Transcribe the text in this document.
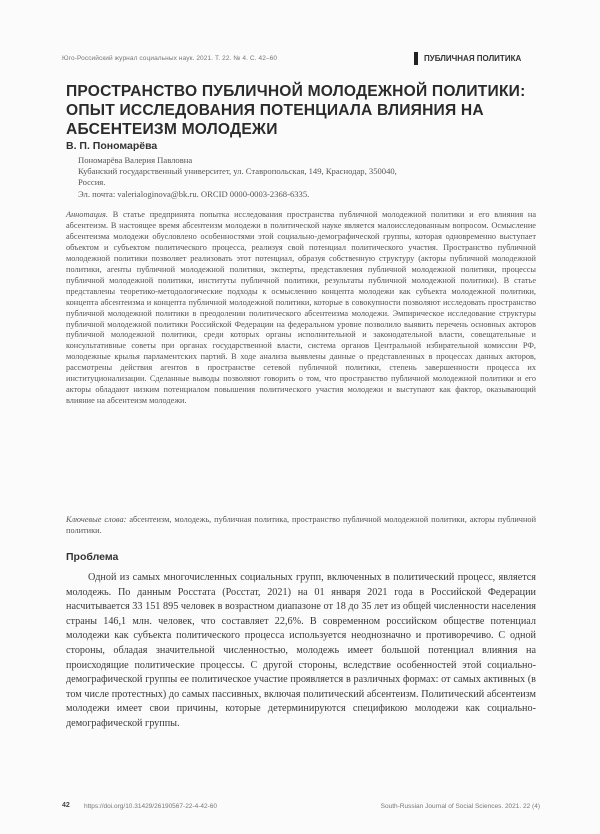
Юго-Российский журнал социальных наук. 2021. Т. 22. № 4. С. 42–60	ПУБЛИЧНАЯ ПОЛИТИКА
ПРОСТРАНСТВО ПУБЛИЧНОЙ МОЛОДЕЖНОЙ ПОЛИТИКИ: ОПЫТ ИССЛЕДОВАНИЯ ПОТЕНЦИАЛА ВЛИЯНИЯ НА АБСЕНТЕИЗМ МОЛОДЕЖИ
В. П. Пономарёва
Пономарёва Валерия Павловна
Кубанский государственный университет, ул. Ставропольская, 149, Краснодар, 350040,
Россия.
Эл. почта: valerialoginova@bk.ru. ORCID 0000-0003-2368-6335.

Аннотация. В статье предпринята попытка исследования пространства публичной молодежной политики и его влияния на абсентеизм. В настоящее время абсентеизм молодежи в политической науке является малоисследованным вопросом. Осмысление абсентеизма молодежи обусловлено особенностями этой социально-демографической группы, которая одновременно выступает объектом и субъектом политического процесса, реализуя свой потенциал политического участия. Пространство публичной молодежной политики позволяет реализовать этот потенциал, образуя собственную структуру (акторы публичной молодежной политики, агенты публичной молодежной политики, эксперты, представления публичной молодежной политики, процессы публичной молодежной политики, институты публичной политики, результаты публичной молодежной политики). В статье представлены теоретико-методологические подходы к осмыслению концепта молодежи как субъекта молодежной политики, концепта абсентеизма и концепта публичной молодежной политики, которые в совокупности позволяют исследовать пространство публичной молодежной политики в преодолении политического абсентеизма молодежи. Эмпирическое исследование структуры публичной молодежной политики Российской Федерации на федеральном уровне позволило выявить перечень основных акторов публичной молодежной политики, среди которых органы исполнительной и законодательной власти, совещательные и консультативные советы при органах государственной власти, система органов Центральной избирательной комиссии РФ, молодежные крылья парламентских партий. В ходе анализа выявлены данные о представленных в процессах данных акторов, рассмотрены действия агентов в пространстве сетевой публичной политики, степень завершенности процесса их институционализации. Сделанные выводы позволяют говорить о том, что пространство публичной молодежной политики и его акторы обладают низким потенциалом повышения политического участия молодежи и выступают как фактор, оказывающий влияние на абсентеизм молодежи.

Ключевые слова: абсентеизм, молодежь, публичная политика, пространство публичной молодежной политики, акторы публичной политики.

Проблема

Одной из самых многочисленных социальных групп, включенных в политический процесс, является молодежь. По данным Росстата (Росстат, 2021) на 01 января 2021 года в Российской Федерации насчитывается 33 151 895 человек в возрастном диапазоне от 18 до 35 лет из общей численности населения страны 146,1 млн. человек, что составляет 22,6%. В современном российском обществе потенциал молодежи как субъекта политического процесса используется неоднозначно и противоречиво. С одной стороны, обладая значительной численностью, молодежь имеет большой потенциал влияния на происходящие политические процессы. С другой стороны, вследствие особенностей этой социально-демографической группы ее политическое участие проявляется в различных формах: от самых активных (в том числе протестных) до самых пассивных, включая политический абсентеизм. Политический абсентеизм молодежи имеет свои причины, которые детерминируются спецификою молодежи как социально-демографической группы.

42 https://doi.org/10.31429/26190567-22-4-42-60	South-Russian Journal of Social Sciences. 2021. 22 (4)
